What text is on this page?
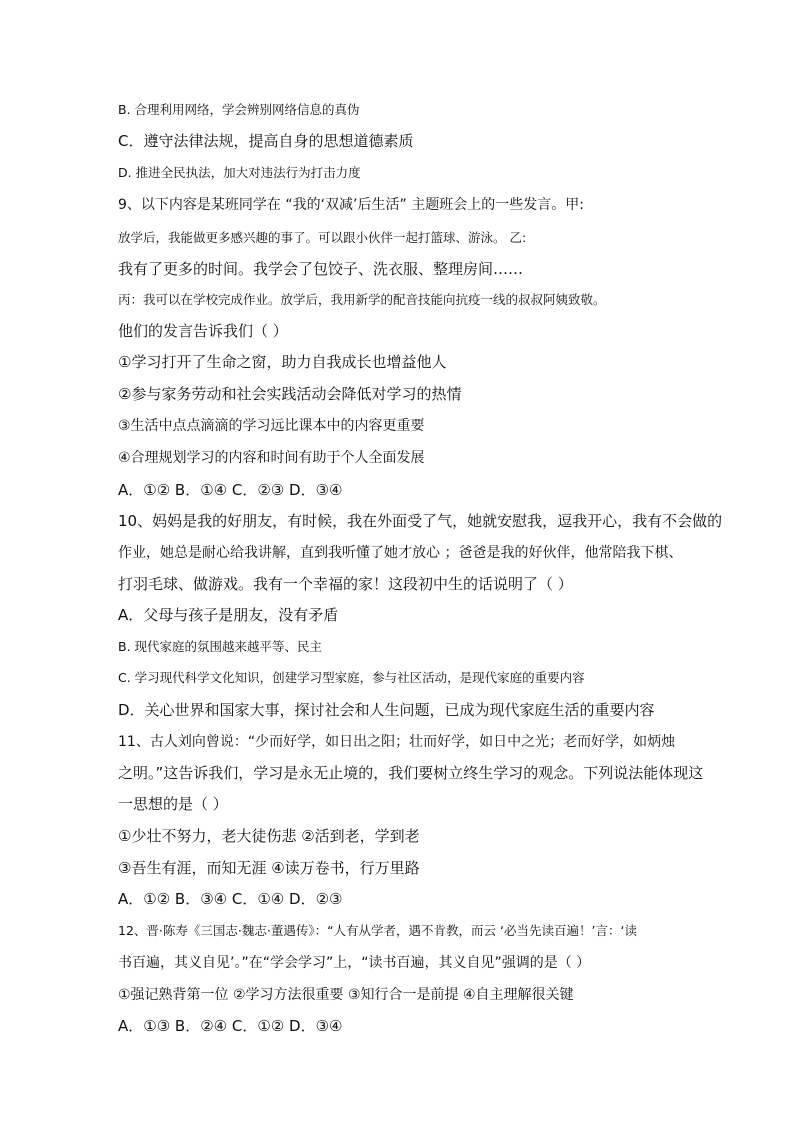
B. 合理利用网络，学会辨别网络信息的真伪
C．遵守法律法规，提高自身的思想道德素质
D. 推进全民执法，加大对违法行为打击力度
9、以下内容是某班同学在 “我的‘双减’后生活” 主题班会上的一些发言。甲:
放学后，我能做更多感兴趣的事了。可以跟小伙伴一起打篮球、游泳。 乙:
我有了更多的时间。我学会了包饺子、洗衣服、整理房间……
丙：我可以在学校完成作业。放学后，我用新学的配音技能向抗疫一线的叔叔阿姨致敬。
他们的发言告诉我们（ ）
①学习打开了生命之窗，助力自我成长也增益他人
②参与家务劳动和社会实践活动会降低对学习的热情
③生活中点点滴滴的学习远比课本中的内容更重要
④合理规划学习的内容和时间有助于个人全面发展
A．①② B．①④ C．②③ D．③④
10、妈妈是我的好朋友，有时候，我在外面受了气，她就安慰我，逗我开心，我有不会做的
作业，她总是耐心给我讲解，直到我听懂了她才放心 ；爸爸是我的好伙伴，他常陪我下棋、
打羽毛球、做游戏。我有一个幸福的家！这段初中生的话说明了（ ）
A．父母与孩子是朋友，没有矛盾
B. 现代家庭的氛围越来越平等、民主
C. 学习现代科学文化知识，创建学习型家庭，参与社区活动，是现代家庭的重要内容
D．关心世界和国家大事，探讨社会和人生问题，已成为现代家庭生活的重要内容
11、古人刘向曾说：“少而好学，如日出之阳；壮而好学，如日中之光；老而好学，如炳烛
之明。”这告诉我们，学习是永无止境的，我们要树立终生学习的观念。下列说法能体现这
一思想的是（ ）
①少壮不努力，老大徒伤悲 ②活到老，学到老
③吾生有涯，而知无涯 ④读万卷书，行万里路
A．①② B．③④ C．①④ D．②③
12、晋·陈寿《三国志·魏志·董遇传》：“人有从学者，遇不肯教，而云 ‘必当先读百遍！’言：‘读
书百遍，其义自见’。”在“学会学习”上，“读书百遍，其义自见”强调的是（ ）
①强记熟背第一位 ②学习方法很重要 ③知行合一是前提 ④自主理解很关键
A．①③ B．②④ C．①② D．③④
